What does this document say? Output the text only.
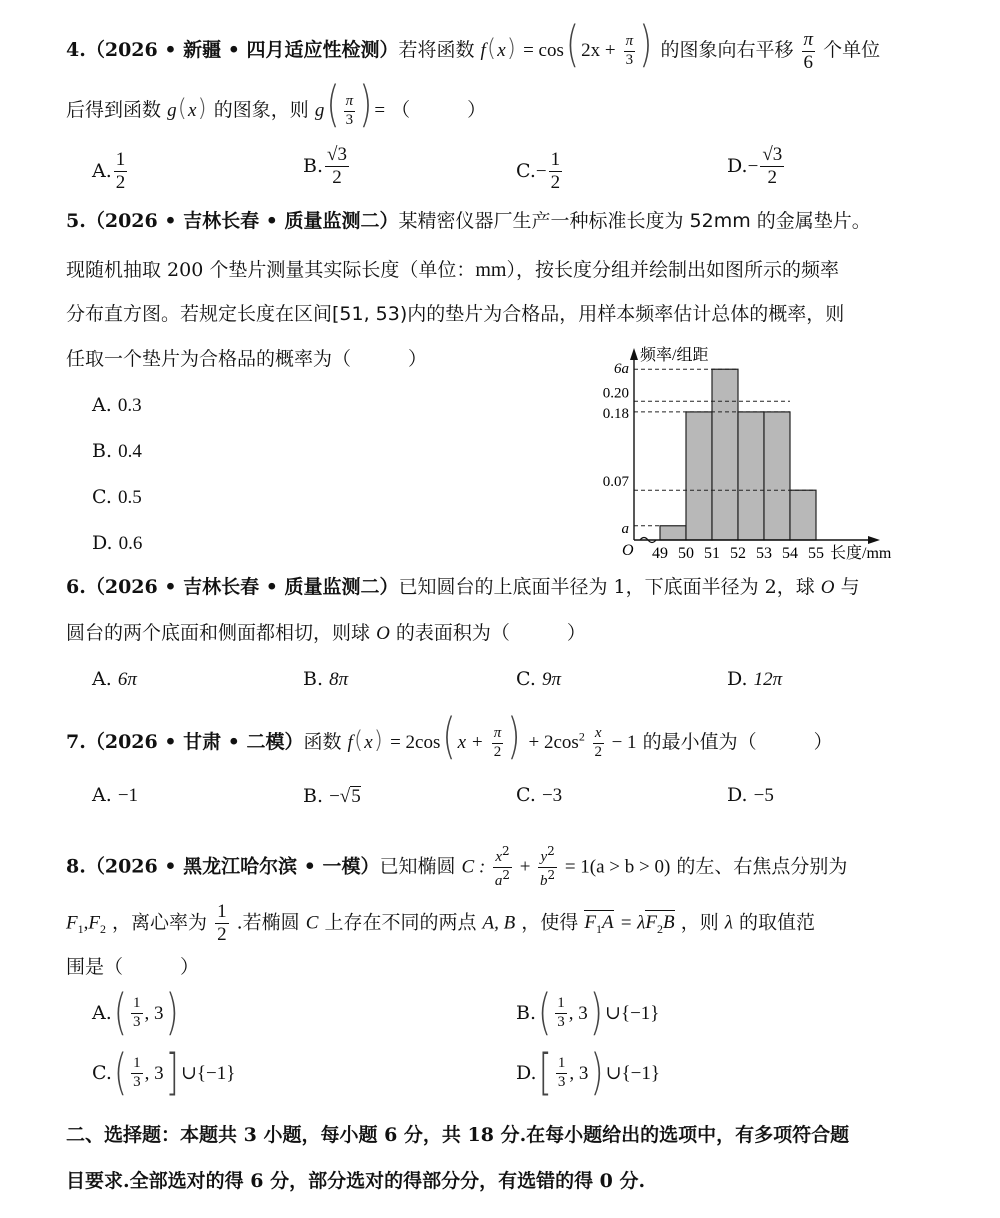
4.（2026 • 新疆 • 四月适应性检测）若将函数 f(x) = cos( $2x + \frac{\pi}{3}$ ) 的图象向右平移 $\frac{\pi}{6}$ 个单位
后得到函数 g(x) 的图象，则 $g( \frac{\pi}{3}$ ) = （　　　）
A. $\frac{1}{2}$	B. $\frac{√3}{2}$	C. − $\frac{1}{2}$	D. − $\frac{√3}{2}$
5.（2026 • 吉林长春 • 质量监测二）某精密仪器厂生产一种标准长度为 52mm 的金属垫片。
现随机抽取 200 个垫片测量其实际长度（单位：mm），按长度分组并绘制出如图所示的频率
分布直方图。若规定长度在区间[51, 53)内的垫片为合格品，用样本频率估计总体的概率，则
任取一个垫片为合格品的概率为（　　　）
A.
0.3
B.
0.4
C.
0.5
D.
0.6
a
0.07
0.18
0.20
6a
49 50 51 52 53 54 55
O
频率/组距
长度/mm
6.（2026 • 吉林长春 • 质量监测二）已知圆台的上底面半径为 1，下底面半径为 2，球 O 与
圆台的两个底面和侧面都相切，则球 O 的表面积为（　　　）
A.
6π	B.
8π	C.
9π	D.
12π
7.（2026 • 甘肃 • 二模）函数 f(x) = 2cos( $x + \frac{\pi}{2}$ ) + $2\cos^2 \frac{x}{2} - 1$ 的最小值为（　　　）
A.
−1	B.
− √ 5	C.
−3	D.
−5
8.（2026 • 黑龙江哈尔滨 • 一模）已知椭圆 C : $\frac{x^2}{a^2} + \frac{y^2}{b^2} = 1(a > b > 0)$ 的左、右焦点分别为
$F_1,F_2$ ，离心率为 $\frac{1}{2}$ .若椭圆 C 上存在不同的两点 A, B ，使得 $F_1A = \lambda F_2B$ ，则 λ 的取值范
围是（　　　）
A. ( $\frac{1}{3}$ , 3 )	B. ( $\frac{1}{3}$ , 3 ) ∪ {−1}
C. ( $\frac{1}{3}$ , 3 ] ∪ {−1}	D. [ $\frac{1}{3}$ , 3 ) ∪ {−1}
二、选择题：本题共 3 小题，每小题 6 分，共 18 分.在每小题给出的选项中，有多项符合题
目要求.全部选对的得 6 分，部分选对的得部分分，有选错的得 0 分.
